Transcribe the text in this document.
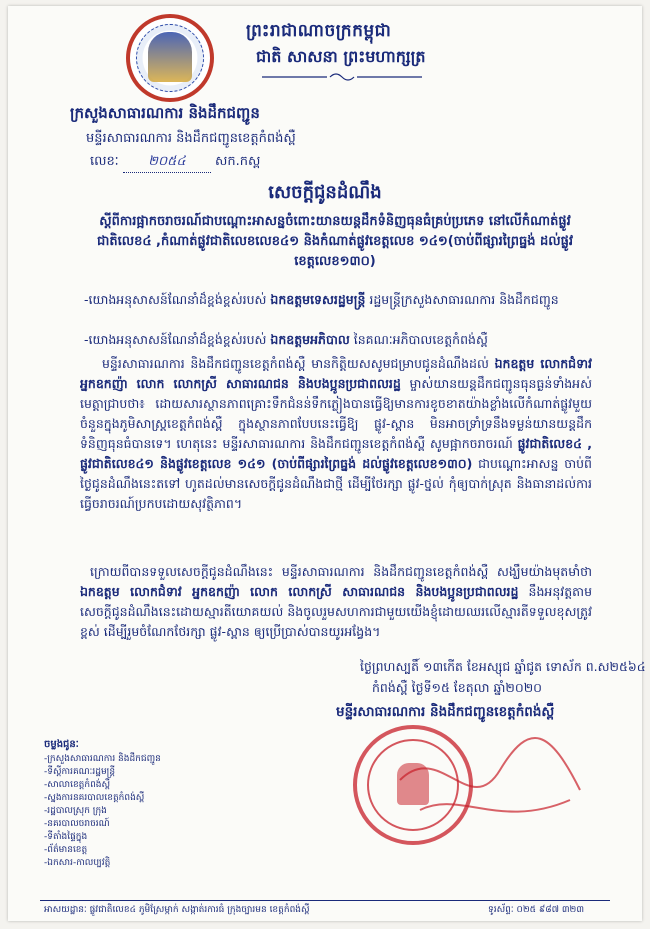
ព្រះរាជាណាចក្រកម្ពុជា
ជាតិ សាសនា ព្រះមហាក្សត្រ
ក្រសួងសាធារណការ និងដឹកជញ្ជូន
មន្ទីរសាធារណការ និងដឹកជញ្ជូនខេត្តកំពង់ស្ពឺ
លេខៈ ២០៥៤ សក.កស្ព
សេចក្តីជូនដំណឹង
ស្តីពីការផ្អាកចរាចរណ៍ជាបណ្តោះអាសន្នចំពោះយានយន្តដឹកទំនិញធុនធំគ្រប់ប្រភេទ នៅលើកំណាត់ផ្លូវជាតិលេខ៤ ,កំណាត់ផ្លូវជាតិលេខលេខ៤១ និងកំណាត់ផ្លូវខេត្តលេខ ១៤១(ចាប់ពីផ្សារព្រៃធ្នង់ ដល់ផ្លូវខេត្តលេខ១៣០)
-យោងអនុសាសន៍ណែនាំដ៏ខ្ពង់ខ្ពស់របស់ ឯកឧត្តមទេសរដ្ឋមន្ត្រី រដ្ឋមន្ត្រីក្រសួងសាធារណការ និងដឹកជញ្ជូន
-យោងអនុសាសន៍ណែនាំដ៏ខ្ពង់ខ្ពស់របស់ ឯកឧត្តមអភិបាល នៃគណៈអភិបាលខេត្តកំពង់ស្ពឺ
មន្ទីរសាធារណការ និងដឹកជញ្ជូនខេត្តកំពង់ស្ពឺ មានកិត្តិយសសូមជម្រាបជូនដំណឹងដល់ ឯកឧត្តម លោកជំទាវ អ្នកឧកញ៉ា លោក លោកស្រី សាធារណជន និងបងប្អូនប្រជាពលរដ្ឋ ម្ចាស់យានយន្តដឹកជញ្ជូនធុនធ្ងន់ទាំងអស់មេត្តាជ្រាបថា៖ ដោយសារស្ថានភាពគ្រោះទឹកជំនន់ទឹកភ្លៀងបានធ្វើឱ្យមានការខូចខាតយ៉ាងខ្លាំងលើកំណាត់ផ្លូវមួយចំនួនក្នុងភូមិសាស្រ្តខេត្តកំពង់ស្ពឺ ក្នុងស្ថានភាពបែបនេះធ្វើឱ្យ ផ្លូវ-ស្ពាន មិនអាចទ្រាំទ្រនឹងទម្ងន់យានយន្តដឹកទំនិញធុនធំបានទេ។ ហេតុនេះ មន្ទីរសាធារណការ និងដឹកជញ្ជូនខេត្តកំពង់ស្ពឺ សូមផ្អាកចរាចរណ៍ ផ្លូវជាតិលេខ៤ , ផ្លូវជាតិលេខ៤១ និងផ្លូវខេត្តលេខ ១៤១ (ចាប់ពីផ្សារព្រៃធ្នង់ ដល់ផ្លូវខេត្តលេខ១៣០) ជាបណ្តោះអាសន្ន ចាប់ពីថ្ងៃជូនដំណឹងនេះតទៅ ហូតដល់មានសេចក្តីជូនដំណឹងជាថ្មី ដើម្បីថែរក្សា ផ្លូវ-ថ្នល់ កុំឲ្យបាក់ស្រុត និងធានាដល់ការធ្វើចរាចរណ៍ប្រកបដោយសុវត្ថិភាព។
ក្រោយពីបានទទួលសេចក្តីជូនដំណឹងនេះ មន្ទីរសាធារណការ និងដឹកជញ្ជូនខេត្តកំពង់ស្ពឺ សង្ឃឹមយ៉ាងមុតមាំថា ឯកឧត្តម លោកជំទាវ អ្នកឧកញ៉ា លោក លោកស្រី សាធារណជន និងបងប្អូនប្រជាពលរដ្ឋ នឹងអនុវត្តតាមសេចក្តីជូនដំណឹងនេះដោយស្មារតីយោគយល់ និងចូលរួមសហការជាមួយយើងខ្ញុំដោយឈរលើស្មារតីទទួលខុសត្រូវខ្ពស់ ដើម្បីរួមចំណែកថែរក្សា ផ្លូវ-ស្ពាន ឲ្យប្រើប្រាស់បានយូរអង្វែង។
ថ្ងៃព្រហស្បតិ៍ ១៣កើត ខែអស្សុជ ឆ្នាំជូត ទោស័ក ព.ស២៥៦៤
កំពង់ស្ពឺ ថ្ងៃទី១៥ ខែតុលា ឆ្នាំ២០២០
មន្ទីរសាធារណការ និងដឹកជញ្ជូនខេត្តកំពង់ស្ពឺ
ចម្លងជូនៈ
-ក្រសួងសាធារណការ និងដឹកជញ្ជូន
-ទីស្តីការគណៈរដ្ឋមន្ត្រី
-សាលាខេត្តកំពង់ស្ពឺ
-ស្នងការនគរបាលខេត្តកំពង់ស្ពឺ
-រដ្ឋបាលស្រុក ក្រុង
-នគរបាលចរាចរណ៍
-ទីតាំងផ្ទៃក្នុង
-ព័ត៌មានខេត្ត
-ឯកសារ-កាលប្បវត្តិ
អាសយដ្ឋានៈ ផ្លូវជាតិលេខ៤ ភូមិស្រែម្កាក់ សង្កាត់រការធំ ក្រុងច្បារមន ខេត្តកំពង់ស្ពឺ	ទូរស័ព្ទៈ ០២៥ ៩៨៧ ៣២៣
